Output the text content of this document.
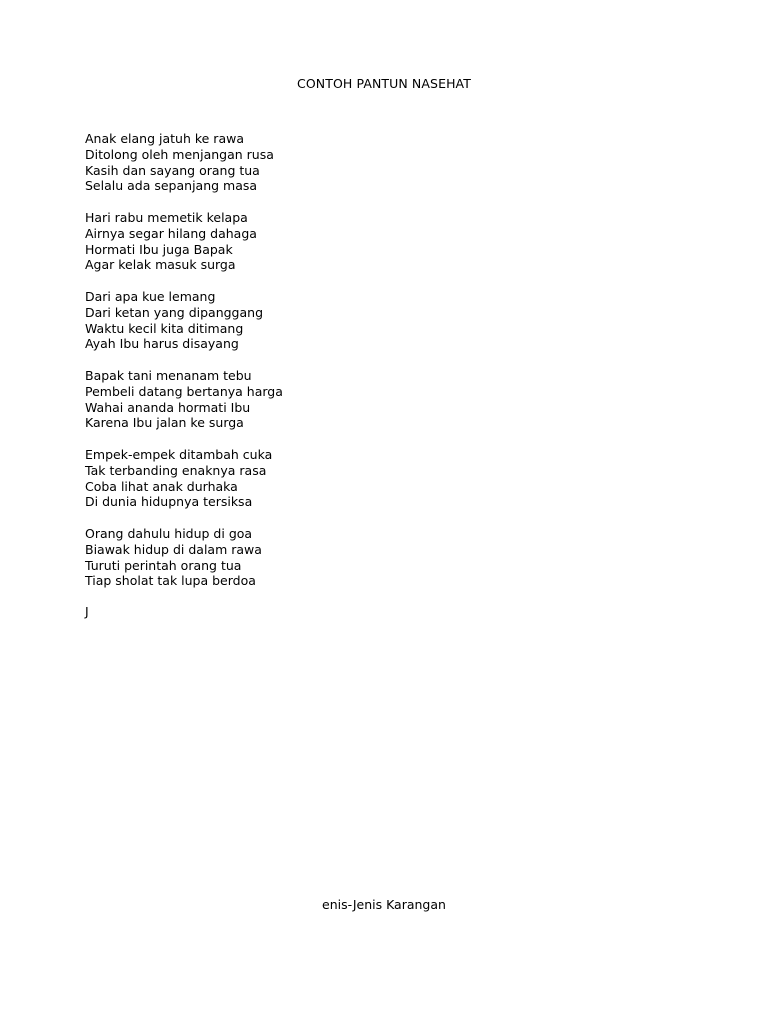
CONTOH PANTUN NASEHAT
Anak elang jatuh ke rawa
Ditolong oleh menjangan rusa
Kasih dan sayang orang tua
Selalu ada sepanjang masa
Hari rabu memetik kelapa
Airnya segar hilang dahaga
Hormati Ibu juga Bapak
Agar kelak masuk surga
Dari apa kue lemang
Dari ketan yang dipanggang
Waktu kecil kita ditimang
Ayah Ibu harus disayang
Bapak tani menanam tebu
Pembeli datang bertanya harga
Wahai ananda hormati Ibu
Karena Ibu jalan ke surga
Empek-empek ditambah cuka
Tak terbanding enaknya rasa
Coba lihat anak durhaka
Di dunia hidupnya tersiksa
Orang dahulu hidup di goa
Biawak hidup di dalam rawa
Turuti perintah orang tua
Tiap sholat tak lupa berdoa
J
enis-Jenis Karangan
